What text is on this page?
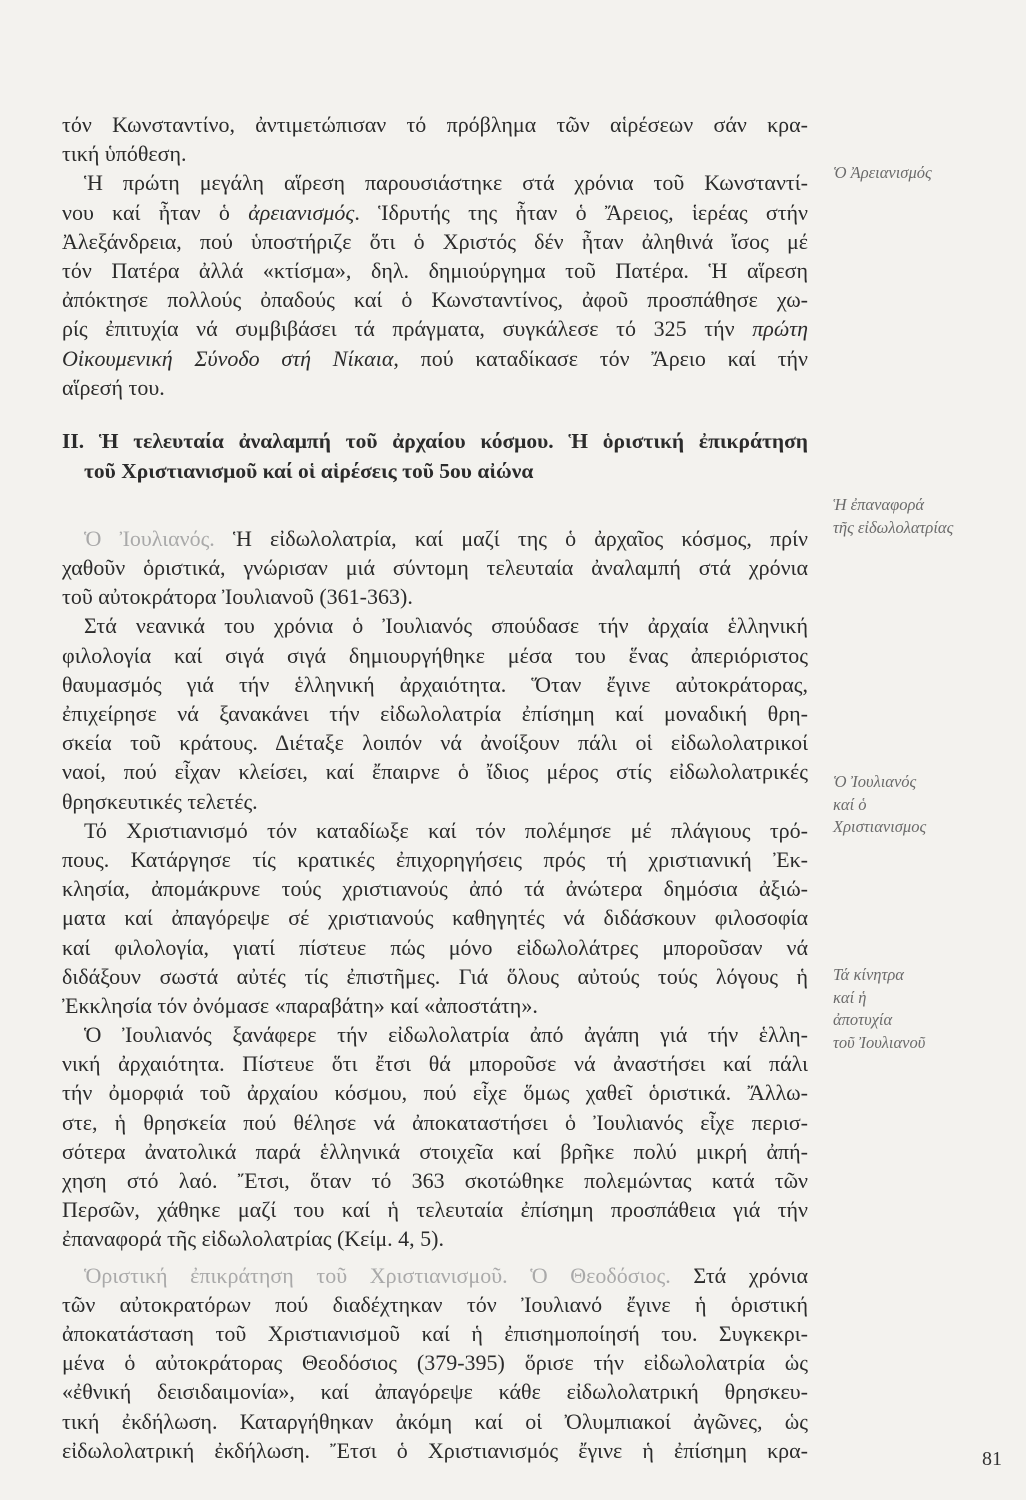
τόν Κωνσταντίνο, ἀντιμετώπισαν τό πρόβλημα τῶν αἱρέσεων σάν κρα-
τική ὑπόθεση.
Ἡ πρώτη μεγάλη αἵρεση παρουσιάστηκε στά χρόνια τοῦ Κωνσταντί-
νου καί ἦταν ὁ ἀρειανισμός. Ἱδρυτής της ἦταν ὁ Ἄρειος, ἱερέας στήν
Ἀλεξάνδρεια, πού ὑποστήριζε ὅτι ὁ Χριστός δέν ἦταν ἀληθινά ἴσος μέ
τόν Πατέρα ἀλλά «κτίσμα», δηλ. δημιούργημα τοῦ Πατέρα. Ἡ αἵρεση
ἀπόκτησε πολλούς ὀπαδούς καί ὁ Κωνσταντίνος, ἀφοῦ προσπάθησε χω-
ρίς ἐπιτυχία νά συμβιβάσει τά πράγματα, συγκάλεσε τό 325 τήν πρώτη
Οἰκουμενική Σύνοδο στή Νίκαια, πού καταδίκασε τόν Ἄρειο καί τήν
αἵρεσή του.
II. Ἡ τελευταία ἀναλαμπή τοῦ ἀρχαίου κόσμου. Ἡ ὁριστική ἐπικράτηση
τοῦ Χριστιανισμοῦ καί οἱ αἱρέσεις τοῦ 5ου αἰώνα
Ὁ Ἰουλιανός. Ἡ εἰδωλολατρία, καί μαζί της ὁ ἀρχαῖος κόσμος, πρίν
χαθοῦν ὁριστικά, γνώρισαν μιά σύντομη τελευταία ἀναλαμπή στά χρόνια
τοῦ αὐτοκράτορα Ἰουλιανοῦ (361-363).
Στά νεανικά του χρόνια ὁ Ἰουλιανός σπούδασε τήν ἀρχαία ἑλληνική
φιλολογία καί σιγά σιγά δημιουργήθηκε μέσα του ἕνας ἀπεριόριστος
θαυμασμός γιά τήν ἑλληνική ἀρχαιότητα. Ὅταν ἔγινε αὐτοκράτορας,
ἐπιχείρησε νά ξανακάνει τήν εἰδωλολατρία ἐπίσημη καί μοναδική θρη-
σκεία τοῦ κράτους. Διέταξε λοιπόν νά ἀνοίξουν πάλι οἱ εἰδωλολατρικοί
ναοί, πού εἶχαν κλείσει, καί ἔπαιρνε ὁ ἴδιος μέρος στίς εἰδωλολατρικές
θρησκευτικές τελετές.
Τό Χριστιανισμό τόν καταδίωξε καί τόν πολέμησε μέ πλάγιους τρό-
πους. Κατάργησε τίς κρατικές ἐπιχορηγήσεις πρός τή χριστιανική Ἐκ-
κλησία, ἀπομάκρυνε τούς χριστιανούς ἀπό τά ἀνώτερα δημόσια ἀξιώ-
ματα καί ἀπαγόρεψε σέ χριστιανούς καθηγητές νά διδάσκουν φιλοσοφία
καί φιλολογία, γιατί πίστευε πώς μόνο εἰδωλολάτρες μποροῦσαν νά
διδάξουν σωστά αὐτές τίς ἐπιστῆμες. Γιά ὅλους αὐτούς τούς λόγους ἡ
Ἐκκλησία τόν ὀνόμασε «παραβάτη» καί «ἀποστάτη».
Ὁ Ἰουλιανός ξανάφερε τήν εἰδωλολατρία ἀπό ἀγάπη γιά τήν ἑλλη-
νική ἀρχαιότητα. Πίστευε ὅτι ἔτσι θά μποροῦσε νά ἀναστήσει καί πάλι
τήν ὀμορφιά τοῦ ἀρχαίου κόσμου, πού εἶχε ὅμως χαθεῖ ὁριστικά. Ἄλλω-
στε, ἡ θρησκεία πού θέλησε νά ἀποκαταστήσει ὁ Ἰουλιανός εἶχε περισ-
σότερα ἀνατολικά παρά ἑλληνικά στοιχεῖα καί βρῆκε πολύ μικρή ἀπή-
χηση στό λαό. Ἔτσι, ὅταν τό 363 σκοτώθηκε πολεμώντας κατά τῶν
Περσῶν, χάθηκε μαζί του καί ἡ τελευταία ἐπίσημη προσπάθεια γιά τήν
ἐπαναφορά τῆς εἰδωλολατρίας (Κείμ. 4, 5).
Ὁριστική ἐπικράτηση τοῦ Χριστιανισμοῦ. Ὁ Θεοδόσιος. Στά χρόνια
τῶν αὐτοκρατόρων πού διαδέχτηκαν τόν Ἰουλιανό ἔγινε ἡ ὁριστική
ἀποκατάσταση τοῦ Χριστιανισμοῦ καί ἡ ἐπισημοποίησή του. Συγκεκρι-
μένα ὁ αὐτοκράτορας Θεοδόσιος (379-395) ὅρισε τήν εἰδωλολατρία ὡς
«ἐθνική δεισιδαιμονία», καί ἀπαγόρεψε κάθε εἰδωλολατρική θρησκευ-
τική ἐκδήλωση. Καταργήθηκαν ἀκόμη καί οἱ Ὀλυμπιακοί ἀγῶνες, ὡς
εἰδωλολατρική ἐκδήλωση. Ἔτσι ὁ Χριστιανισμός ἔγινε ἡ ἐπίσημη κρα-
Ὁ Ἀρειανισμός
Ἡ ἐπαναφορά
τῆς εἰδωλολατρίας
Ὁ Ἰουλιανός
καί ὁ
Χριστιανισμος
Τά κίνητρα
καί ἡ
ἀποτυχία
τοῦ Ἰουλιανοῦ
81
